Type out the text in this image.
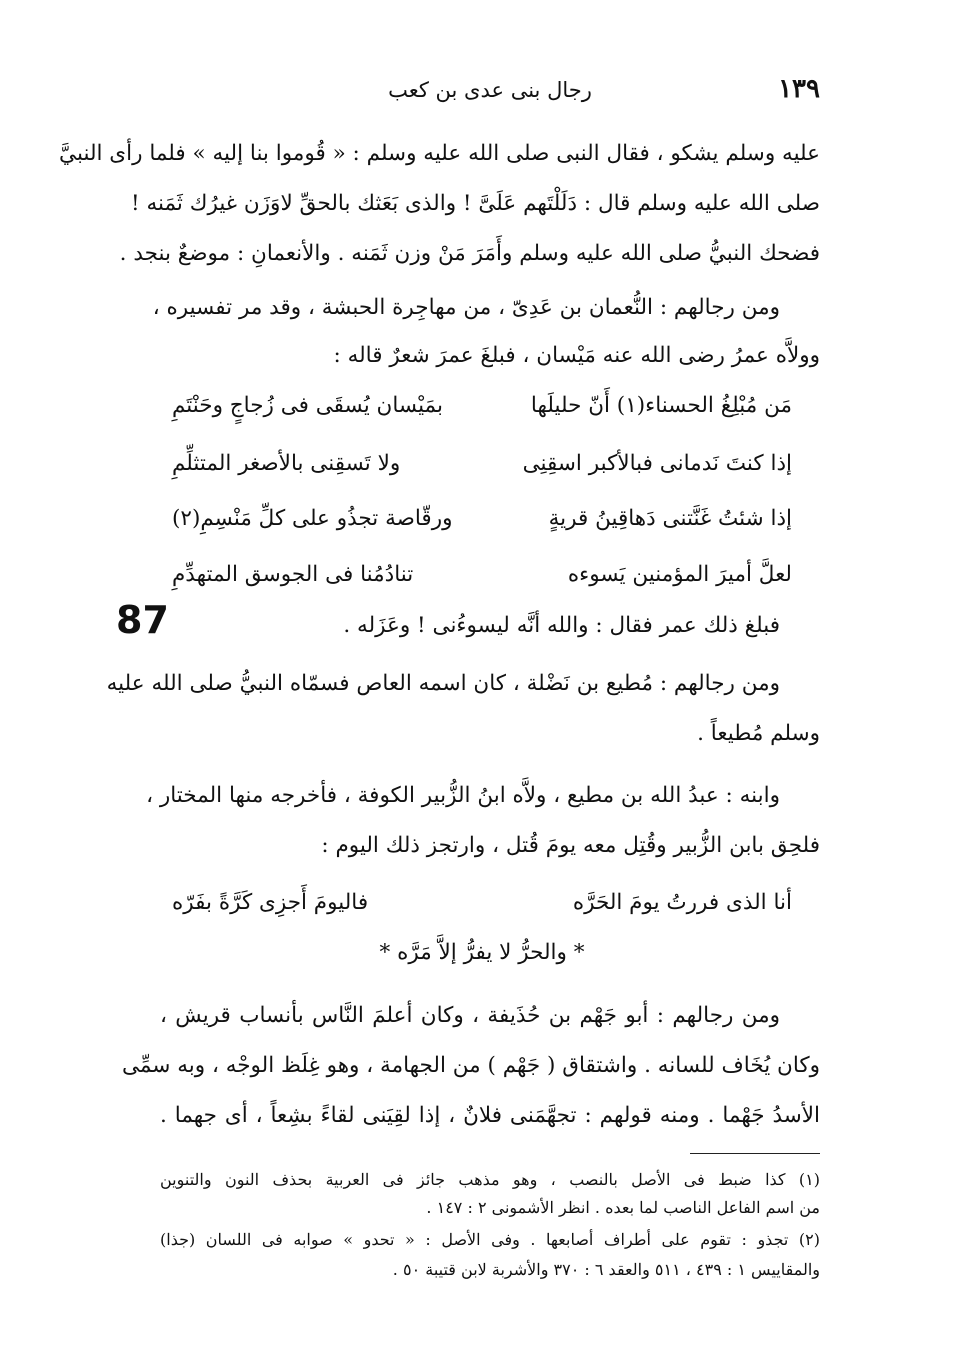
١٣٩
رجال بنى عدى بن كعب
87
عليه وسلم يشكو ، فقال النبى صلى الله عليه وسلم : « قُوموا بنا إليه » فلما رأى النبيَّ
صلى الله عليه وسلم قال : دَلَلْتَهم عَلَىَّ ! والذى بَعَثك بالحقِّ لاوَزَن غيرُك ثَمَنه !
فضحك النبيُّ صلى الله عليه وسلم وأَمَرَ مَنْ وزن ثَمَنه . والأنعمانِ : موضعٌ بنجد .
ومن رجالهم : النُّعمان بن عَدِىّ ، من مهاجِرة الحبشة ، وقد مر تفسيره ،
وولاَّه عمرُ رضى الله عنه مَيْسان ، فبلغَ عمرَ شعرٌ قاله :
مَن مُبْلِغُ الحسناء(١) أَنّ حليلَها
بمَيْسان يُسقَى فى زُجاجٍ وحَنْتَمِ
إذا كنتَ نَدمانى فبالأكبر اسقِنِى
ولا تَسقِنى بالأصغر المتثلِّمِ
إذا شئتُ غَنَّتنى دَهاقِينُ قريةٍ
ورقّاصة تجذُو على كلِّ مَنْسِمِ(٢)
لعلَّ أميرَ المؤمنين يَسوءه
تنادُمُنا فى الجوسق المتهدِّمِ
فبلغ ذلك عمر فقال : والله أنَّه ليسوءُنى ! وعَزَله .
ومن رجالهم : مُطيع بن نَضْلة ، كان اسمه العاص فسمّاه النبيُّ صلى الله عليه
وسلم مُطيعاً .
وابنه : عبدُ الله بن مطيع ، ولاَّه ابنُ الزُّبير الكوفة ، فأخرجه منها المختار ،
فلحِق بابن الزُّبير وقُتِل معه يومَ قُتل ، وارتجز ذلك اليوم :
أنا الذى فررتُ يومَ الحَرَّه
فاليومَ أَجزِى كَرَّةً بفَرّه
* والحرُّ لا يفرُّ إلاَّ مَرَّه *
ومن رجالهم : أبو جَهْم بن حُذَيفة ، وكان أعلمَ النَّاس بأنساب قريش ،
وكان يُخَاف للسانه . واشتقاق ( جَهْم ) من الجهامة ، وهو غِلَظ الوجْه ، وبه سمِّى
الأسدُ جَهْما . ومنه قولهم : تجهَّمَنى فلانٌ ، إذا لقِيَنى لقاءً بشِعاً ، أى جهما .
(١) كذا ضبط فى الأصل بالنصب ، وهو مذهب جائز فى العربية بحذف النون والتنوين
من اسم الفاعل الناصب لما بعده . انظر الأشمونى ٢ : ١٤٧ .
(٢) تجذو : تقوم على أطراف أصابعها . وفى الأصل : « تحدو » صوابه فى اللسان (جذا)
والمقاييس ١ : ٤٣٩ ، ٥١١ والعقد ٦ : ٣٧٠ والأشربة لابن قتيبة ٥٠ .
